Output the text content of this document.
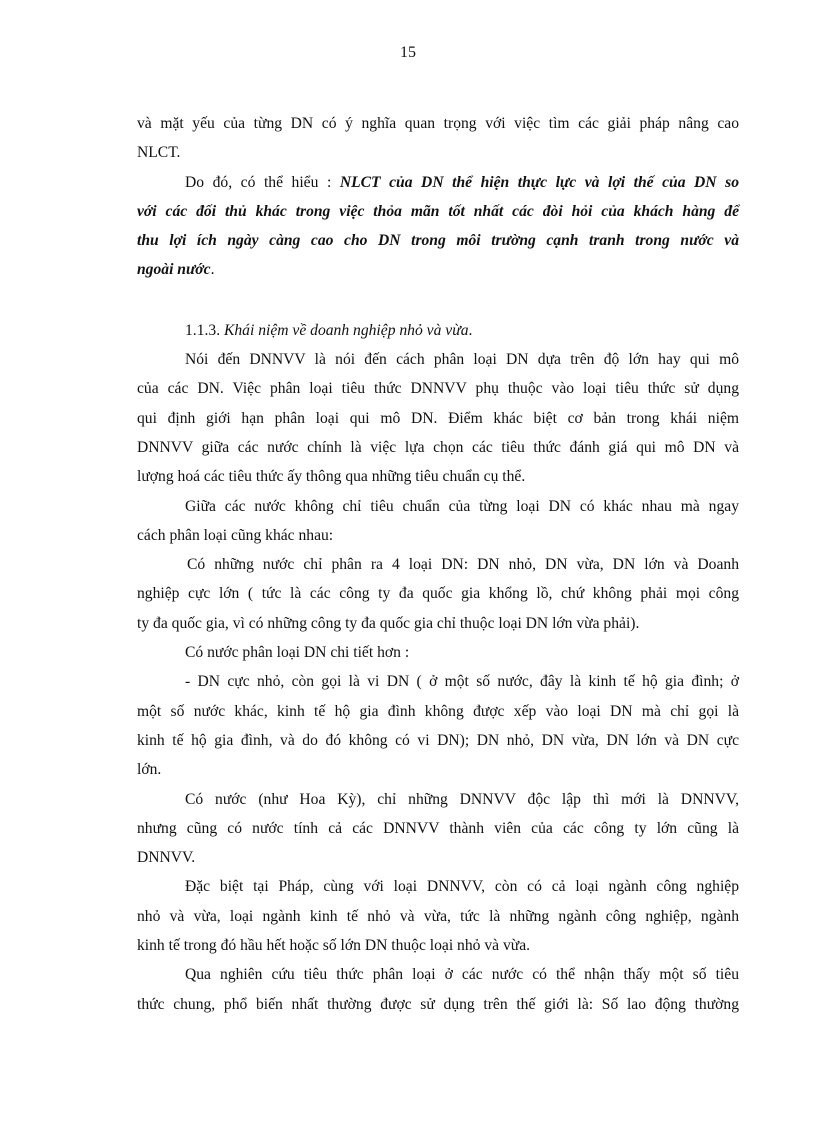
15
và mặt yếu của từng DN có ý nghĩa quan trọng với việc tìm các giải pháp nâng cao
NLCT.
Do đó, có thể hiểu : NLCT của DN thể hiện thực lực và lợi thế của DN so
với các đối thủ khác trong việc thỏa mãn tốt nhất các đòi hỏi của khách hàng để
thu lợi ích ngày càng cao cho DN trong môi trường cạnh tranh trong nước và
ngoài nước.
1.1.3. Khái niệm về doanh nghiệp nhỏ và vừa.
Nói đến DNNVV là nói đến cách phân loại DN dựa trên độ lớn hay qui mô
của các DN. Việc phân loại tiêu thức DNNVV phụ thuộc vào loại tiêu thức sử dụng
qui định giới hạn phân loại qui mô DN. Điểm khác biệt cơ bản trong khái niệm
DNNVV giữa các nước chính là việc lựa chọn các tiêu thức đánh giá qui mô DN và
lượng hoá các tiêu thức ấy thông qua những tiêu chuẩn cụ thể.
Giữa các nước không chỉ tiêu chuẩn của từng loại DN có khác nhau mà ngay
cách phân loại cũng khác nhau:
Có những nước chỉ phân ra 4 loại DN: DN nhỏ, DN vừa, DN lớn và Doanh
nghiệp cực lớn ( tức là các công ty đa quốc gia khổng lồ, chứ không phải mọi công
ty đa quốc gia, vì có những công ty đa quốc gia chỉ thuộc loại DN lớn vừa phải).
Có nước phân loại DN chi tiết hơn :
- DN cực nhỏ, còn gọi là vi DN ( ở một số nước, đây là kinh tế hộ gia đình; ở
một số nước khác, kinh tế hộ gia đình không được xếp vào loại DN mà chỉ gọi là
kinh tế hộ gia đình, và do đó không có vi DN); DN nhỏ, DN vừa, DN lớn và DN cực
lớn.
Có nước (như Hoa Kỳ), chỉ những DNNVV độc lập thì mới là DNNVV,
nhưng cũng có nước tính cả các DNNVV thành viên của các công ty lớn cũng là
DNNVV.
Đặc biệt tại Pháp, cùng với loại DNNVV, còn có cả loại ngành công nghiệp
nhỏ và vừa, loại ngành kinh tế nhỏ và vừa, tức là những ngành công nghiệp, ngành
kinh tế trong đó hầu hết hoặc số lớn DN thuộc loại nhỏ và vừa.
Qua nghiên cứu tiêu thức phân loại ở các nước có thể nhận thấy một số tiêu
thức chung, phổ biến nhất thường được sử dụng trên thế giới là: Số lao động thường
